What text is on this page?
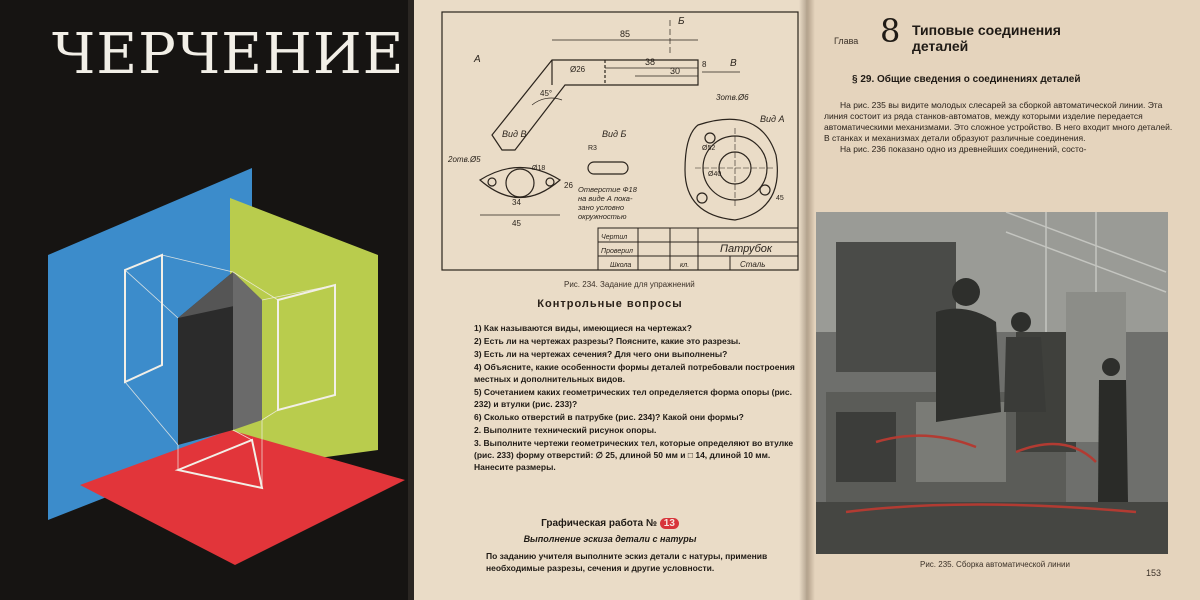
ЧЕРЧЕНИЕ	85
38
30
8
45°
Ø26
A
Б
В
Вид В
2отв.Ø5
Ø18
34
26
45
Вид Б
R3
Отверстие Ф18 на виде А пока- зано условно окружностью
Вид А
3отв.Ø6
Ø52
Ø40
45
Чертил
Проверил
Школа	кл.
Патрубок
Сталь
Рис. 234. Задание для упражнений
Контрольные вопросы
1) Как называются виды, имеющиеся на чертежах?
2) Есть ли на чертежах разрезы? Поясните, какие это разрезы.
3) Есть ли на чертежах сечения? Для чего они выполнены?
4) Объясните, какие особенности формы деталей потребовали построения местных и дополнительных видов.
5) Сочетанием каких геометрических тел определяется форма опоры (рис. 232) и втулки (рис. 233)?
6) Сколько отверстий в патрубке (рис. 234)? Какой они формы?
2. Выполните технический рисунок опоры.
3. Выполните чертежи геометрических тел, которые определяют во втулке (рис. 233) форму отверстий: ∅ 25, длиной 50 мм и □ 14, длиной 10 мм. Нанесите размеры.
Графическая работа № 13
Выполнение эскиза детали с натуры
По заданию учителя выполните эскиз детали с натуры, применив необходимые разрезы, сечения и другие условности.
Глава 8 Типовые соединения деталей
§ 29. Общие сведения о соединениях деталей
На рис. 235 вы видите молодых слесарей за сборкой автоматической линии. Эта линия состоит из ряда станков-автоматов, между которыми изделие передается автоматическими механизмами. Это сложное устройство. В него входит много деталей. В станках и механизмах детали образуют различные соединения.
На рис. 236 показано одно из древнейших соединений, состо-
Рис. 235. Сборка автоматической линии
153
